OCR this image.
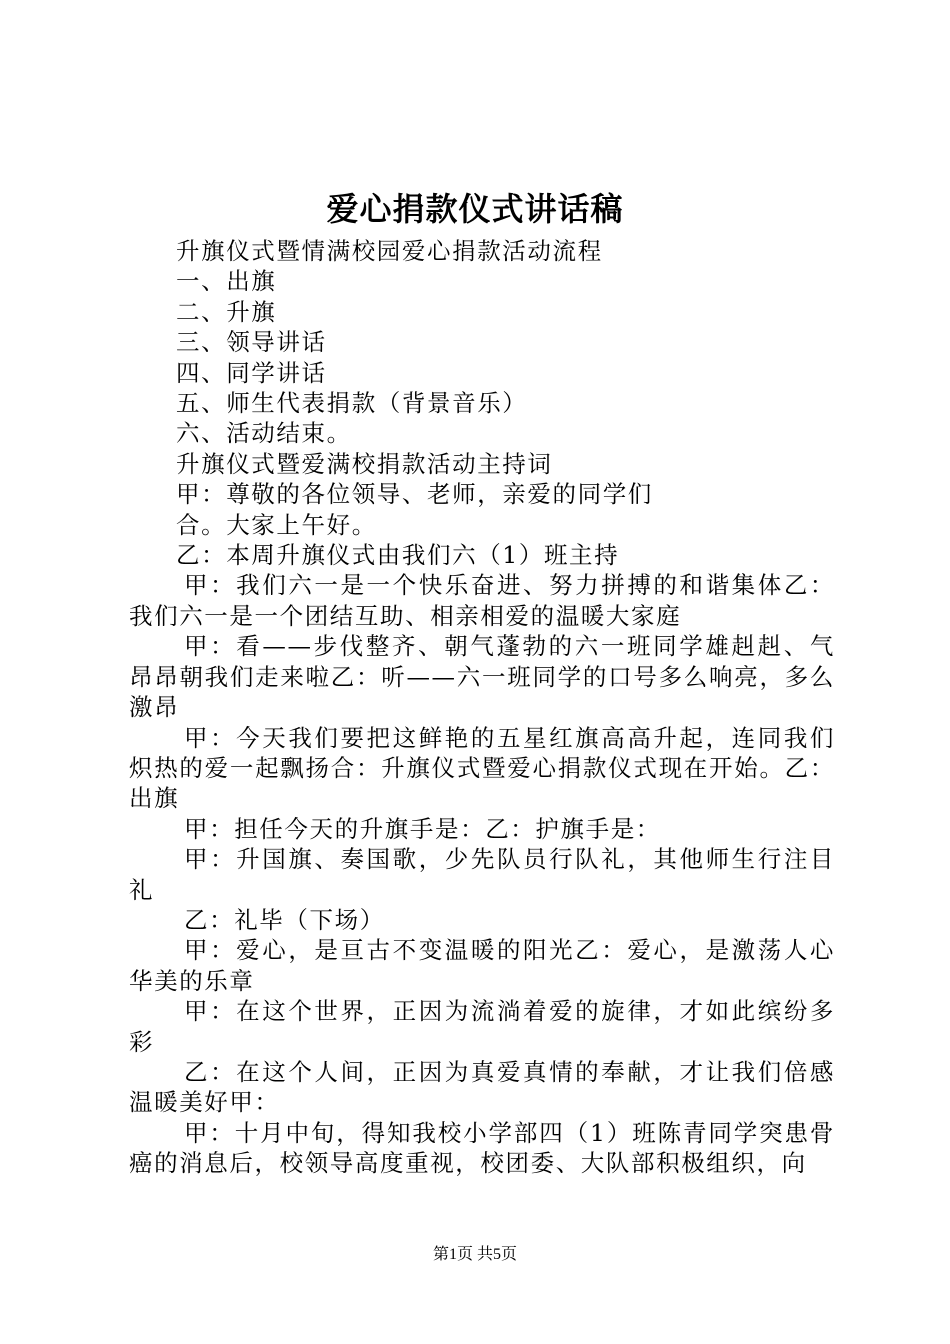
爱心捐款仪式讲话稿

升旗仪式暨情满校园爱心捐款活动流程

一、出旗

二、升旗

三、领导讲话

四、同学讲话

五、师生代表捐款（背景音乐）

六、活动结束。

升旗仪式暨爱满校捐款活动主持词

甲：尊敬的各位领导、老师，亲爱的同学们

合。大家上午好。

乙：本周升旗仪式由我们六（1）班主持

甲：我们六一是一个快乐奋进、努力拼搏的和谐集体乙：我们六一是一个团结互助、相亲相爱的温暖大家庭

甲：看——步伐整齐、朝气蓬勃的六一班同学雄赳赳、气昂昂朝我们走来啦乙：听——六一班同学的口号多么响亮，多么激昂

甲：今天我们要把这鲜艳的五星红旗高高升起，连同我们炽热的爱一起飘扬合：升旗仪式暨爱心捐款仪式现在开始。乙：出旗

甲：担任今天的升旗手是：乙：护旗手是：

甲：升国旗、奏国歌，少先队员行队礼，其他师生行注目礼

乙：礼毕（下场）

甲：爱心，是亘古不变温暖的阳光乙：爱心，是激荡人心华美的乐章

甲：在这个世界，正因为流淌着爱的旋律，才如此缤纷多彩

乙：在这个人间，正因为真爱真情的奉献，才让我们倍感温暖美好甲：

甲：十月中旬，得知我校小学部四（1）班陈青同学突患骨癌的消息后，校领导高度重视，校团委、大队部积极组织，向

第1页 共5页
